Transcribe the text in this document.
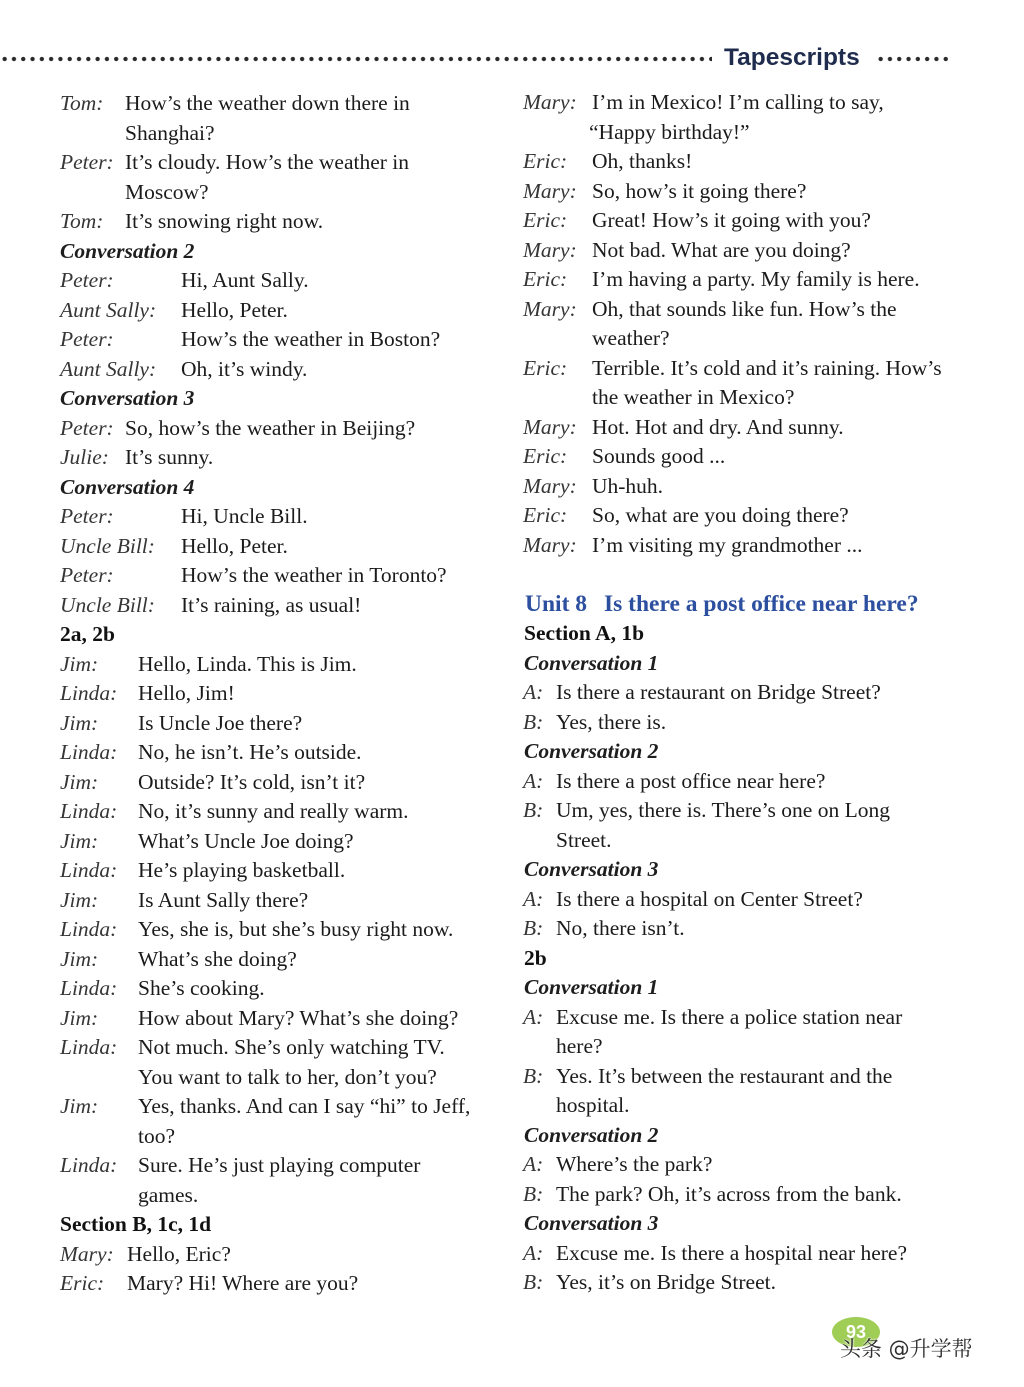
Tapescripts
Tom: How’s the weather down there in
Shanghai?
Peter: It’s cloudy. How’s the weather in
Moscow?
Tom: It’s snowing right now.
Conversation 2
Peter:	Hi, Aunt Sally.
Aunt Sally: Hello, Peter.
Peter:	How’s the weather in Boston?
Aunt Sally: Oh, it’s windy.
Conversation 3
Peter: So, how’s the weather in Beijing?
Julie: It’s sunny.
Conversation 4
Peter:	Hi, Uncle Bill.
Uncle Bill: Hello, Peter.
Peter:	How’s the weather in Toronto?
Uncle Bill: It’s raining, as usual!
2a, 2b
Jim: Hello, Linda. This is Jim.
Linda: Hello, Jim!
Jim: Is Uncle Joe there?
Linda: No, he isn’t. He’s outside.
Jim: Outside? It’s cold, isn’t it?
Linda: No, it’s sunny and really warm.
Jim: What’s Uncle Joe doing?
Linda: He’s playing basketball.
Jim: Is Aunt Sally there?
Linda: Yes, she is, but she’s busy right now.
Jim: What’s she doing?
Linda: She’s cooking.
Jim: How about Mary? What’s she doing?
Linda: Not much. She’s only watching TV.
You want to talk to her, don’t you?
Jim: Yes, thanks. And can I say “hi” to Jeff,
too?
Linda: Sure. He’s just playing computer
games.
Section B, 1c, 1d
Mary: Hello, Eric?
Eric: Mary? Hi! Where are you?
Mary: I’m in Mexico! I’m calling to say,
“Happy birthday!”
Eric: Oh, thanks!
Mary: So, how’s it going there?
Eric: Great! How’s it going with you?
Mary: Not bad. What are you doing?
Eric: I’m having a party. My family is here.
Mary: Oh, that sounds like fun. How’s the
weather?
Eric: Terrible. It’s cold and it’s raining. How’s
the weather in Mexico?
Mary: Hot. Hot and dry. And sunny.
Eric: Sounds good ...
Mary: Uh-huh.
Eric: So, what are you doing there?
Mary: I’m visiting my grandmother ...
Unit 8 Is there a post office near here?
Section A, 1b
Conversation 1
A: Is there a restaurant on Bridge Street?
B: Yes, there is.
Conversation 2
A: Is there a post office near here?
B: Um, yes, there is. There’s one on Long
Street.
Conversation 3
A: Is there a hospital on Center Street?
B: No, there isn’t.
2b
Conversation 1
A: Excuse me. Is there a police station near
here?
B: Yes. It’s between the restaurant and the
hospital.
Conversation 2
A: Where’s the park?
B: The park? Oh, it’s across from the bank.
Conversation 3
A: Excuse me. Is there a hospital near here?
B: Yes, it’s on Bridge Street.
93
头条 @升学帮
